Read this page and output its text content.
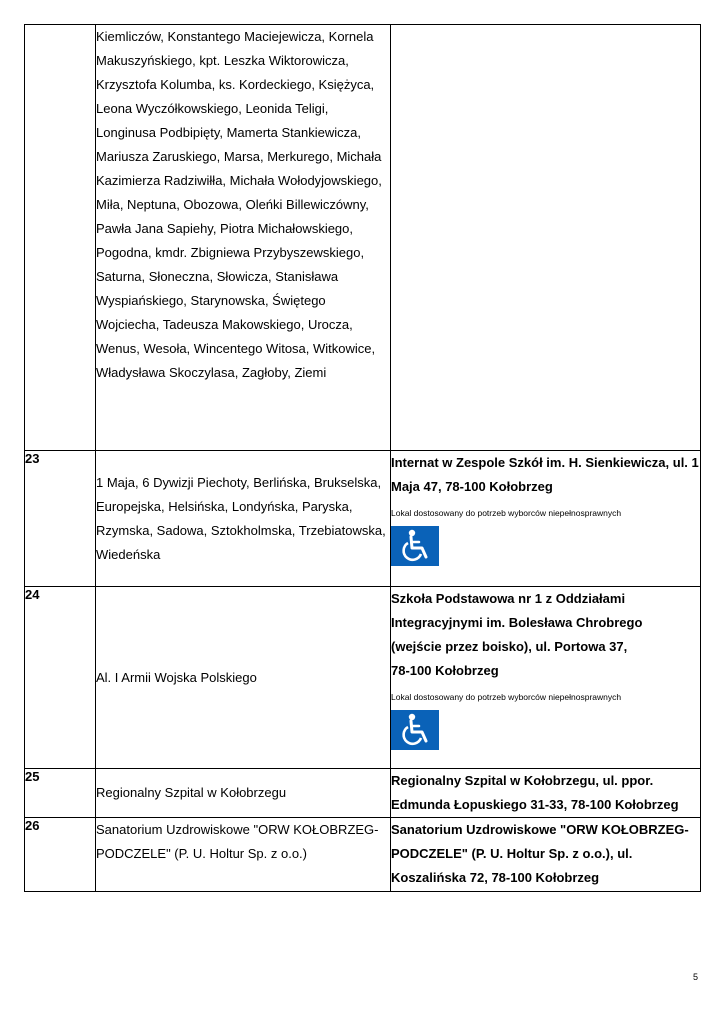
	Kiemliczów, Konstantego Maciejewicza, Kornela Makuszyńskiego, kpt. Leszka Wiktorowicza, Krzysztofa Kolumba, ks. Kordeckiego, Księżyca, Leona Wyczółkowskiego, Leonida Teligi, Longinusa Podbipięty, Mamerta Stankiewicza, Mariusza Zaruskiego, Marsa, Merkurego, Michała Kazimierza Radziwiłła, Michała Wołodyjowskiego, Miła, Neptuna, Obozowa, Oleńki Billewiczówny, Pawła Jana Sapiehy, Piotra Michałowskiego, Pogodna, kmdr. Zbigniewa Przybyszewskiego, Saturna, Słoneczna, Słowicza, Stanisława Wyspiańskiego, Starynowska, Świętego Wojciecha, Tadeusza Makowskiego, Urocza, Wenus, Wesoła, Wincentego Witosa, Witkowice, Władysława Skoczylasa, Zagłoby, Ziemi	
23	1 Maja, 6 Dywizji Piechoty, Berlińska, Brukselska, Europejska, Helsińska, Londyńska, Paryska, Rzymska, Sadowa, Sztokholmska, Trzebiatowska, Wiedeńska	Internat w Zespole Szkół im. H. Sienkiewicza, ul. 1 Maja 47, 78-100 Kołobrzeg
Lokal dostosowany do potrzeb wyborców niepełnosprawnych

24	Al. I Armii Wojska Polskiego	Szkoła Podstawowa nr 1 z Oddziałami
Integracyjnymi im. Bolesława Chrobrego
(wejście przez boisko), ul. Portowa 37,
78-100 Kołobrzeg
Lokal dostosowany do potrzeb wyborców niepełnosprawnych

25	Regionalny Szpital w Kołobrzegu	Regionalny Szpital w Kołobrzegu, ul. ppor. Edmunda Łopuskiego 31-33, 78-100 Kołobrzeg

26	Sanatorium Uzdrowiskowe "ORW KOŁOBRZEG-PODCZELE" (P. U. Holtur Sp. z o.o.)	Sanatorium Uzdrowiskowe "ORW KOŁOBRZEG-PODCZELE" (P. U. Holtur Sp. z o.o.), ul. Koszalińska 72, 78-100 Kołobrzeg
5
